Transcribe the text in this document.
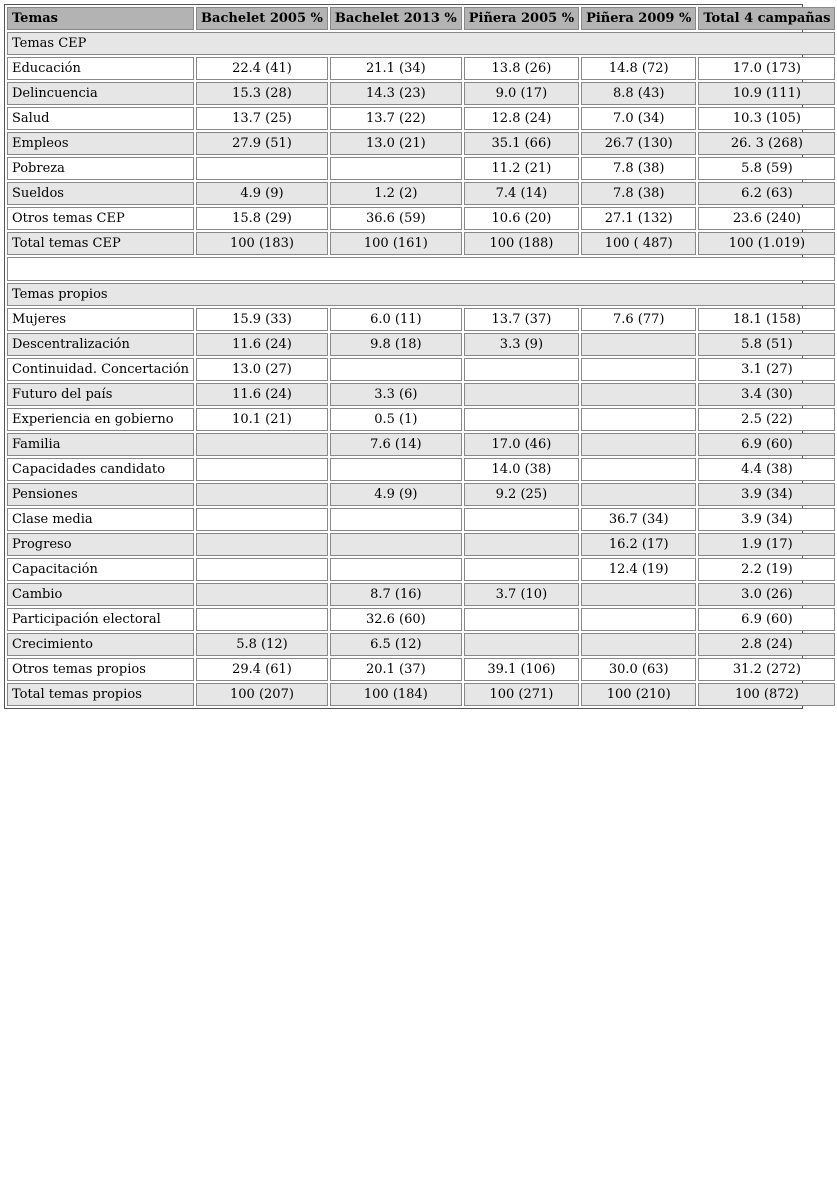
Temas	Bachelet 2005 %	Bachelet 2013 %	Piñera 2005 %	Piñera 2009 %	Total 4 campañas
Temas CEP					
Educación	22.4 (41)	21.1 (34)	13.8 (26)	14.8 (72)	17.0 (173)
Delincuencia	15.3 (28)	14.3 (23)	9.0 (17)	8.8 (43)	10.9 (111)
Salud	13.7 (25)	13.7 (22)	12.8 (24)	7.0 (34)	10.3 (105)
Empleos	27.9 (51)	13.0 (21)	35.1 (66)	26.7 (130)	26. 3 (268)
Pobreza			11.2 (21)	7.8 (38)	5.8 (59)
Sueldos	4.9 (9)	1.2 (2)	7.4 (14)	7.8 (38)	6.2 (63)
Otros temas CEP	15.8 (29)	36.6 (59)	10.6 (20)	27.1 (132)	23.6 (240)
Total temas CEP	100 (183)	100 (161)	100 (188)	100 ( 487)	100 (1.019)

Temas propios					
Mujeres	15.9 (33)	6.0 (11)	13.7 (37)	7.6 (77)	18.1 (158)
Descentralización	11.6 (24)	9.8 (18)	3.3 (9)		5.8 (51)
Continuidad. Concertación	13.0 (27)				3.1 (27)
Futuro del país	11.6 (24)	3.3 (6)			3.4 (30)
Experiencia en gobierno	10.1 (21)	0.5 (1)			2.5 (22)
Familia		7.6 (14)	17.0 (46)		6.9 (60)
Capacidades candidato			14.0 (38)		4.4 (38)
Pensiones		4.9 (9)	9.2 (25)		3.9 (34)
Clase media				36.7 (34)	3.9 (34)
Progreso				16.2 (17)	1.9 (17)
Capacitación				12.4 (19)	2.2 (19)
Cambio		8.7 (16)	3.7 (10)		3.0 (26)
Participación electoral		32.6 (60)			6.9 (60)
Crecimiento	5.8 (12)	6.5 (12)			2.8 (24)
Otros temas propios	29.4 (61)	20.1 (37)	39.1 (106)	30.0 (63)	31.2 (272)
Total temas propios	100 (207)	100 (184)	100 (271)	100 (210)	100 (872)
